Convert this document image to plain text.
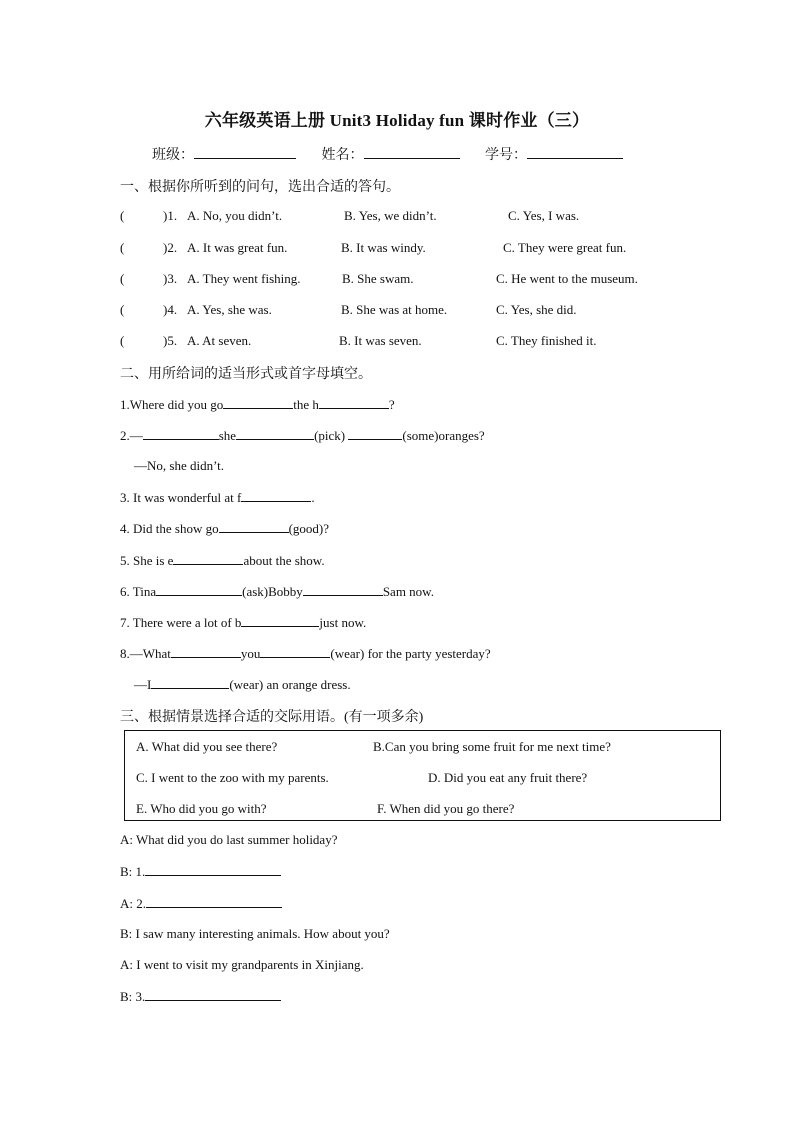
六年级英语上册 Unit3 Holiday fun 课时作业（三）
班级：	姓名：	学号：
一、根据你所听到的问句，选出合适的答句。
(	)1. A. No, you didn’t.	B. Yes, we didn’t.	C. Yes, I was.
(	)2. A. It was great fun.	B. It was windy.	C. They were great fun.
(	)3. A. They went fishing.	B. She swam.	C. He went to the museum.
(	)4. A. Yes, she was.	B. She was at home.	C. Yes, she did.
(	)5. A. At seven.	B. It was seven.	C. They finished it.
二、用所给词的适当形式或首字母填空。
1.Where did you go	the h	?
2.—	she	(pick)	(some)oranges?
—No, she didn’t.
3. It was wonderful at f	.
4. Did the show go	(good)?
5. She is e	about the show.
6. Tina	(ask)Bobby	Sam now.
7. There were a lot of b	just now.
8.—What	you	(wear) for the party yesterday?
—I	(wear) an orange dress.
三、根据情景选择合适的交际用语。(有一项多余)
A. What did you see there?	B.Can you bring some fruit for me next time?
C. I went to the zoo with my parents.	D. Did you eat any fruit there?
E. Who did you go with?	F. When did you go there?
A: What did you do last summer holiday?
B: 1.
A: 2.
B: I saw many interesting animals. How about you?
A: I went to visit my grandparents in Xinjiang.
B: 3.
